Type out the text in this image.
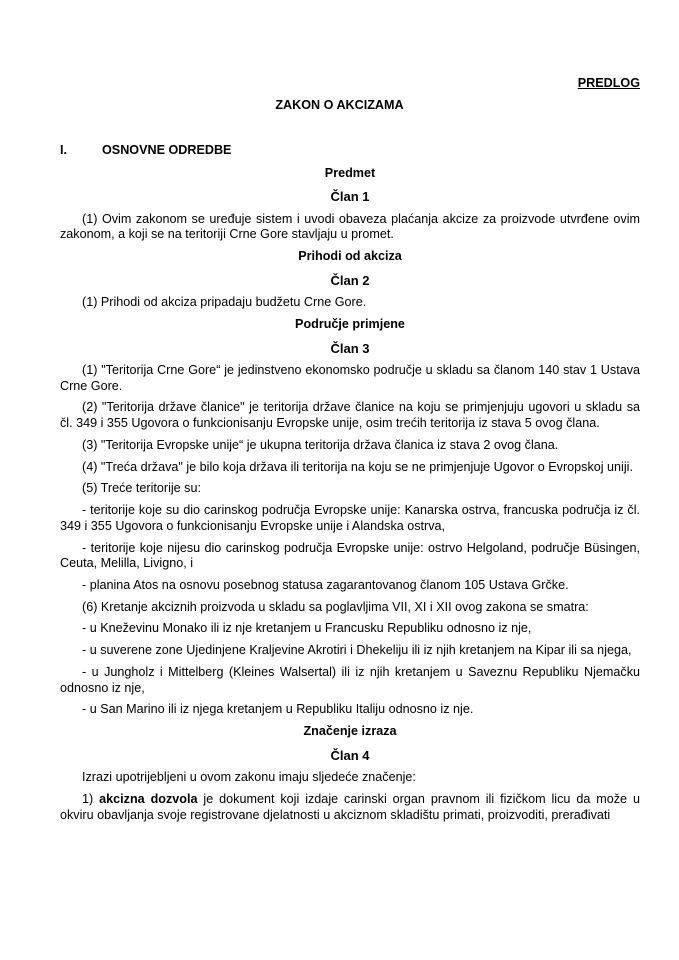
PREDLOG
ZAKON O AKCIZAMA
I.	OSNOVNE ODREDBE
Predmet
Član 1

(1) Ovim zakonom se uređuje sistem i uvodi obaveza plaćanja akcize za proizvode utvrđene ovim zakonom, a koji se na teritoriji Crne Gore stavljaju u promet.

Prihodi od akciza
Član 2

(1) Prihodi od akciza pripadaju budžetu Crne Gore.

Područje primjene
Član 3

(1) "Teritorija Crne Gore“ je jedinstveno ekonomsko područje u skladu sa članom 140 stav 1 Ustava Crne Gore.

(2) "Teritorija države članice" je teritorija države članice na koju se primjenjuju ugovori u skladu sa čl. 349 i 355 Ugovora o funkcionisanju Evropske unije, osim trećih teritorija iz stava 5 ovog člana.

(3) "Teritorija Evropske unije“ je ukupna teritorija država članica iz stava 2 ovog člana.

(4) "Treća država" je bilo koja država ili teritorija na koju se ne primjenjuje Ugovor o Evropskoj uniji.

(5) Treće teritorije su:

- teritorije koje su dio carinskog područja Evropske unije: Kanarska ostrva, francuska područja iz čl. 349 i 355 Ugovora o funkcionisanju Evropske unije i Alandska ostrva,

- teritorije koje nijesu dio carinskog područja Evropske unije: ostrvo Helgoland, područje Büsingen, Ceuta, Melilla, Livigno, i

- planina Atos na osnovu posebnog statusa zagarantovanog članom 105 Ustava Grčke.

(6) Kretanje akciznih proizvoda u skladu sa poglavljima VII, XI i XII ovog zakona se smatra:

- u Kneževinu Monako ili iz nje kretanjem u Francusku Republiku odnosno iz nje,

- u suverene zone Ujedinjene Kraljevine Akrotiri i Dhekeliju ili iz njih kretanjem na Kipar ili sa njega,

- u Jungholz i Mittelberg (Kleines Walsertal) ili iz njih kretanjem u Saveznu Republiku Njemačku odnosno iz nje,

- u San Marino ili iz njega kretanjem u Republiku Italiju odnosno iz nje.

Značenje izraza
Član 4

Izrazi upotrijebljeni u ovom zakonu imaju sljedeće značenje:

1) akcizna dozvola je dokument koji izdaje carinski organ pravnom ili fizičkom licu da može u okviru obavljanja svoje registrovane djelatnosti u akciznom skladištu primati, proizvoditi, prerađivati
